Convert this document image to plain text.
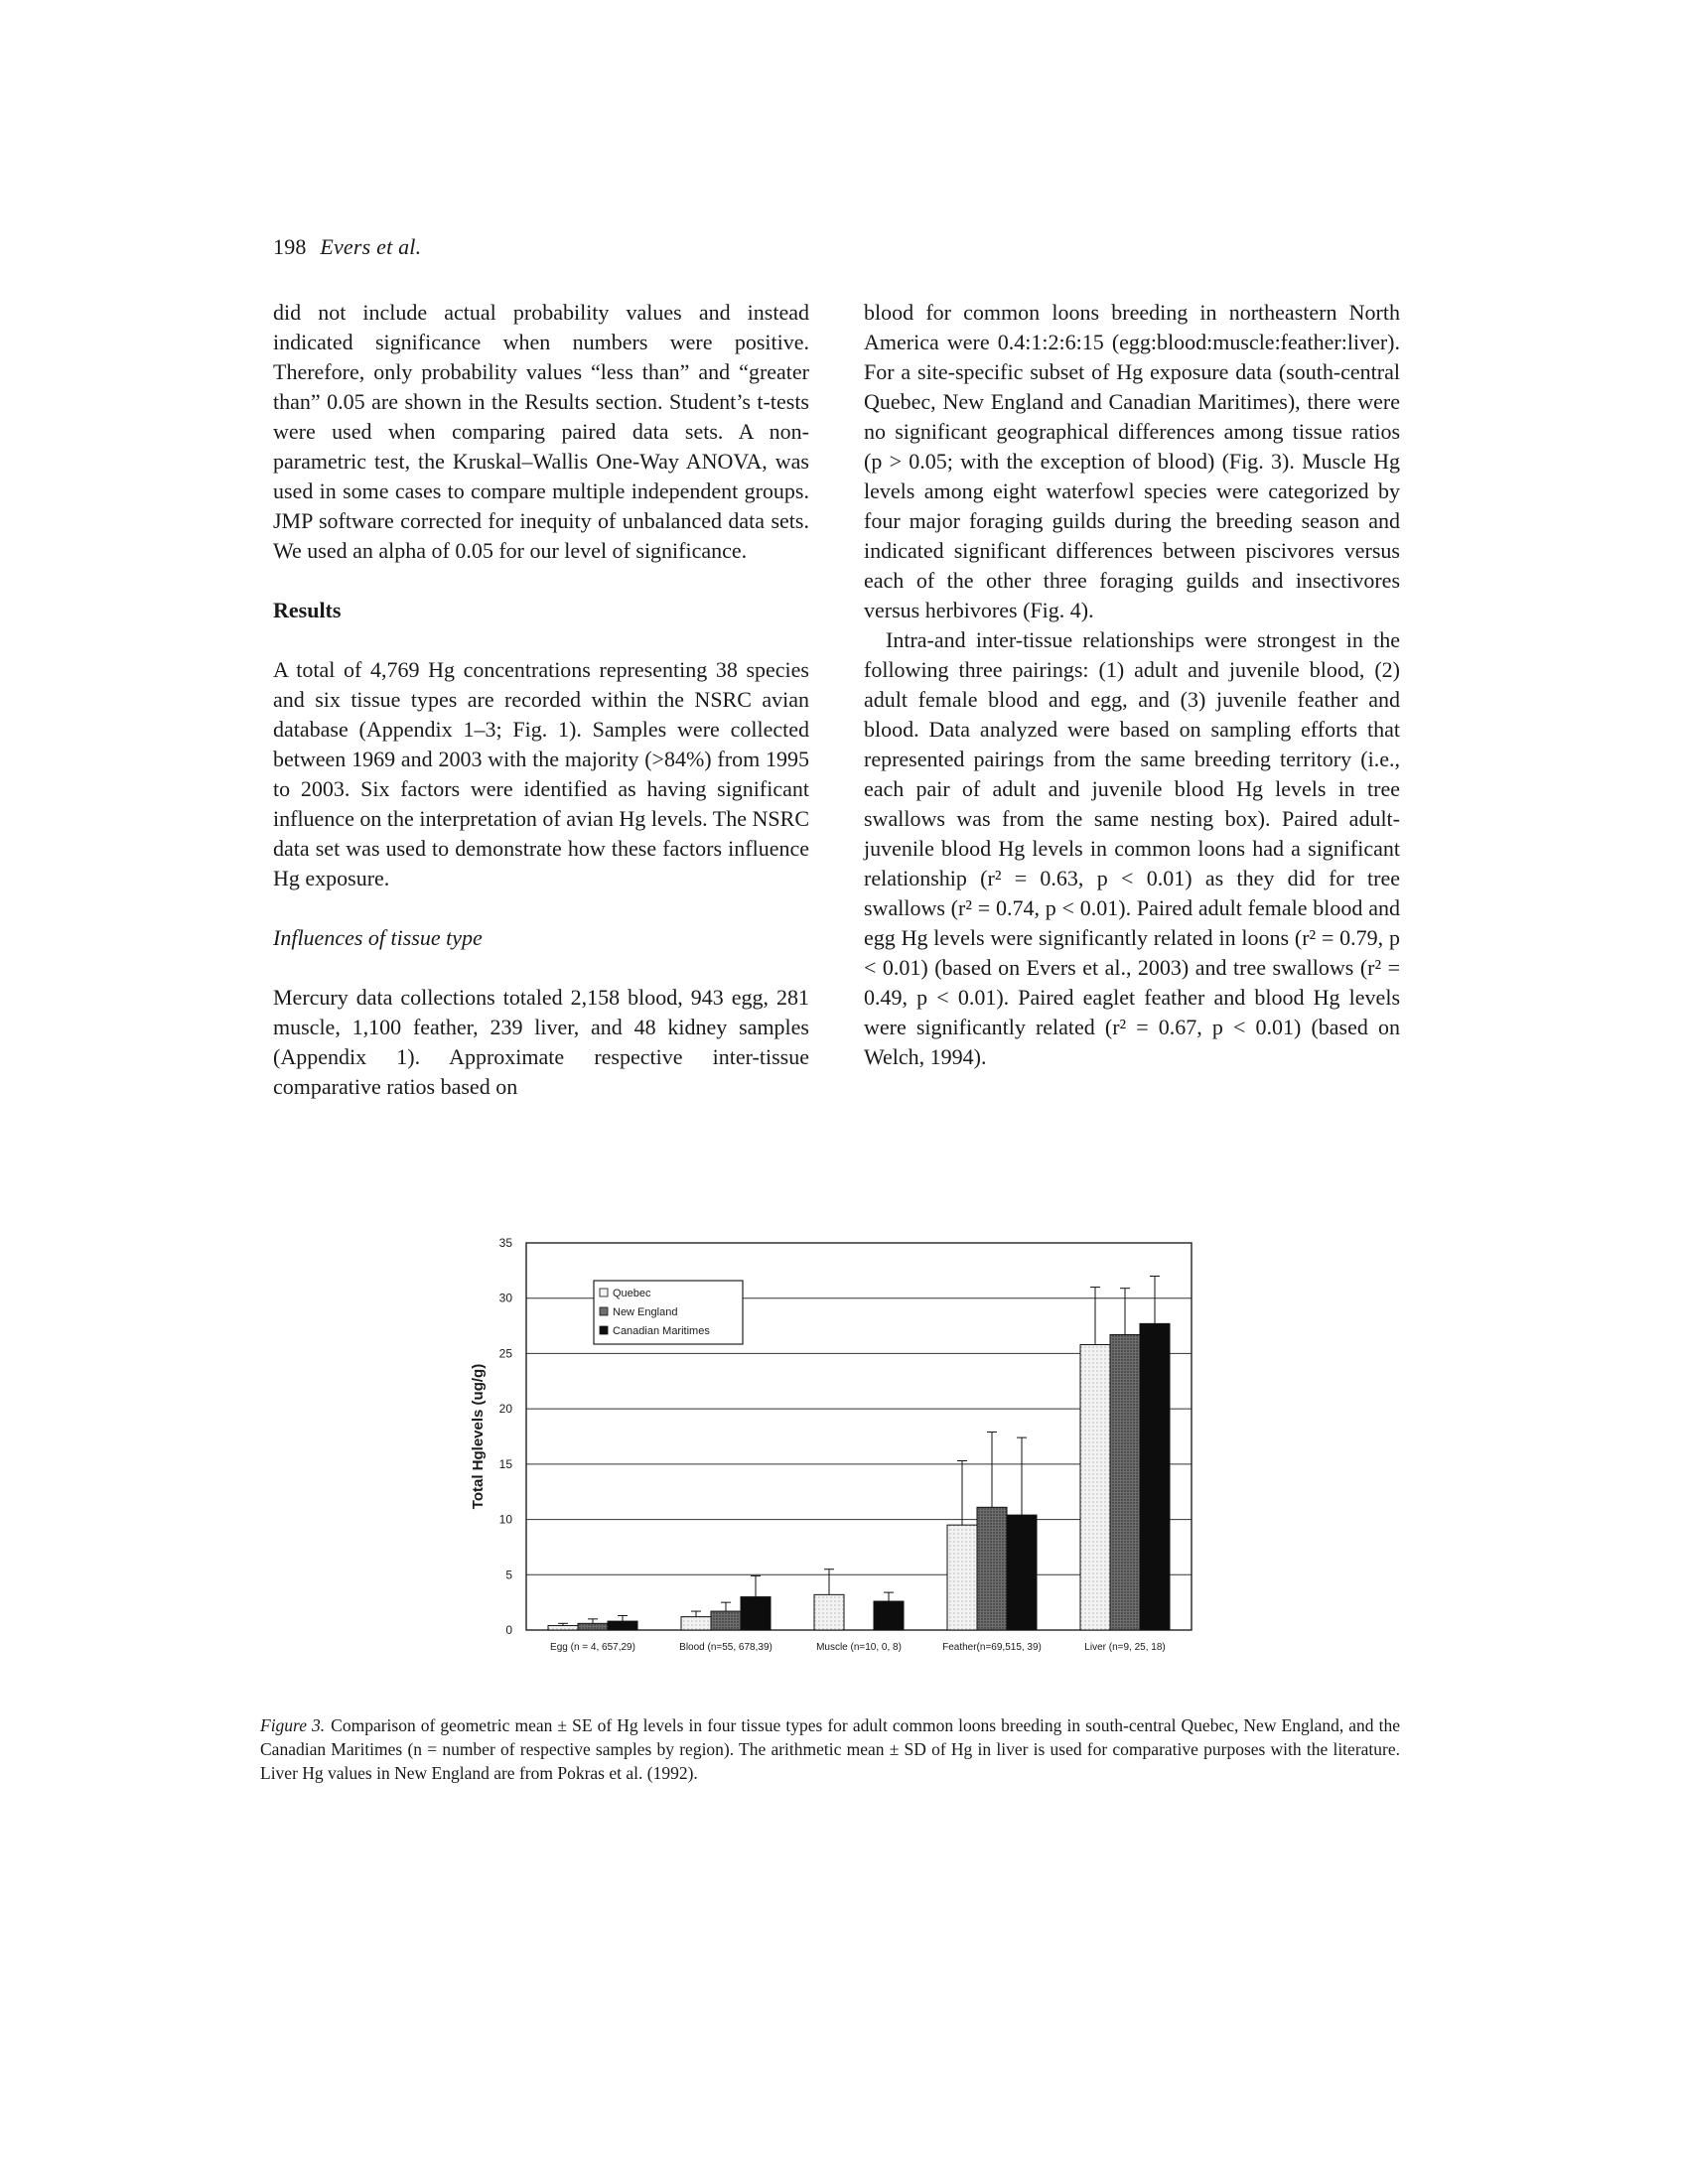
198 Evers et al.

did not include actual probability values and instead indicated significance when numbers were positive. Therefore, only probability values “less than” and “greater than” 0.05 are shown in the Results section. Student’s t-tests were used when comparing paired data sets. A non-parametric test, the Kruskal–Wallis One-Way ANOVA, was used in some cases to compare multiple independent groups. JMP software corrected for inequity of unbalanced data sets. We used an alpha of 0.05 for our level of significance.

Results

A total of 4,769 Hg concentrations representing 38 species and six tissue types are recorded within the NSRC avian database (Appendix 1–3; Fig. 1). Samples were collected between 1969 and 2003 with the majority (>84%) from 1995 to 2003. Six factors were identified as having significant influence on the interpretation of avian Hg levels. The NSRC data set was used to demonstrate how these factors influence Hg exposure.

Influences of tissue type

Mercury data collections totaled 2,158 blood, 943 egg, 281 muscle, 1,100 feather, 239 liver, and 48 kidney samples (Appendix 1). Approximate respective inter-tissue comparative ratios based on

blood for common loons breeding in northeastern North America were 0.4:1:2:6:15 (egg:blood:muscle:feather:liver). For a site-specific subset of Hg exposure data (south-central Quebec, New England and Canadian Maritimes), there were no significant geographical differences among tissue ratios (p > 0.05; with the exception of blood) (Fig. 3). Muscle Hg levels among eight waterfowl species were categorized by four major foraging guilds during the breeding season and indicated significant differences between piscivores versus each of the other three foraging guilds and insectivores versus herbivores (Fig. 4).

Intra-and inter-tissue relationships were strongest in the following three pairings: (1) adult and juvenile blood, (2) adult female blood and egg, and (3) juvenile feather and blood. Data analyzed were based on sampling efforts that represented pairings from the same breeding territory (i.e., each pair of adult and juvenile blood Hg levels in tree swallows was from the same nesting box). Paired adult-juvenile blood Hg levels in common loons had a significant relationship (r² = 0.63, p < 0.01) as they did for tree swallows (r² = 0.74, p < 0.01). Paired adult female blood and egg Hg levels were significantly related in loons (r² = 0.79, p < 0.01) (based on Evers et al., 2003) and tree swallows (r² = 0.49, p < 0.01). Paired eaglet feather and blood Hg levels were significantly related (r² = 0.67, p < 0.01) (based on Welch, 1994).

0
5
10
15
20
25
30
35
Total Hglevels (ug/g)
Egg (n = 4, 657,29)	Blood (n=55, 678,39)	Muscle (n=10, 0, 8)	Feather(n=69,515, 39)	Liver (n=9, 25, 18)
Quebec
New England
Canadian Maritimes
Figure 3. Comparison of geometric mean ± SE of Hg levels in four tissue types for adult common loons breeding in south-central Quebec, New England, and the Canadian Maritimes (n = number of respective samples by region). The arithmetic mean ± SD of Hg in liver is used for comparative purposes with the literature. Liver Hg values in New England are from Pokras et al. (1992).
